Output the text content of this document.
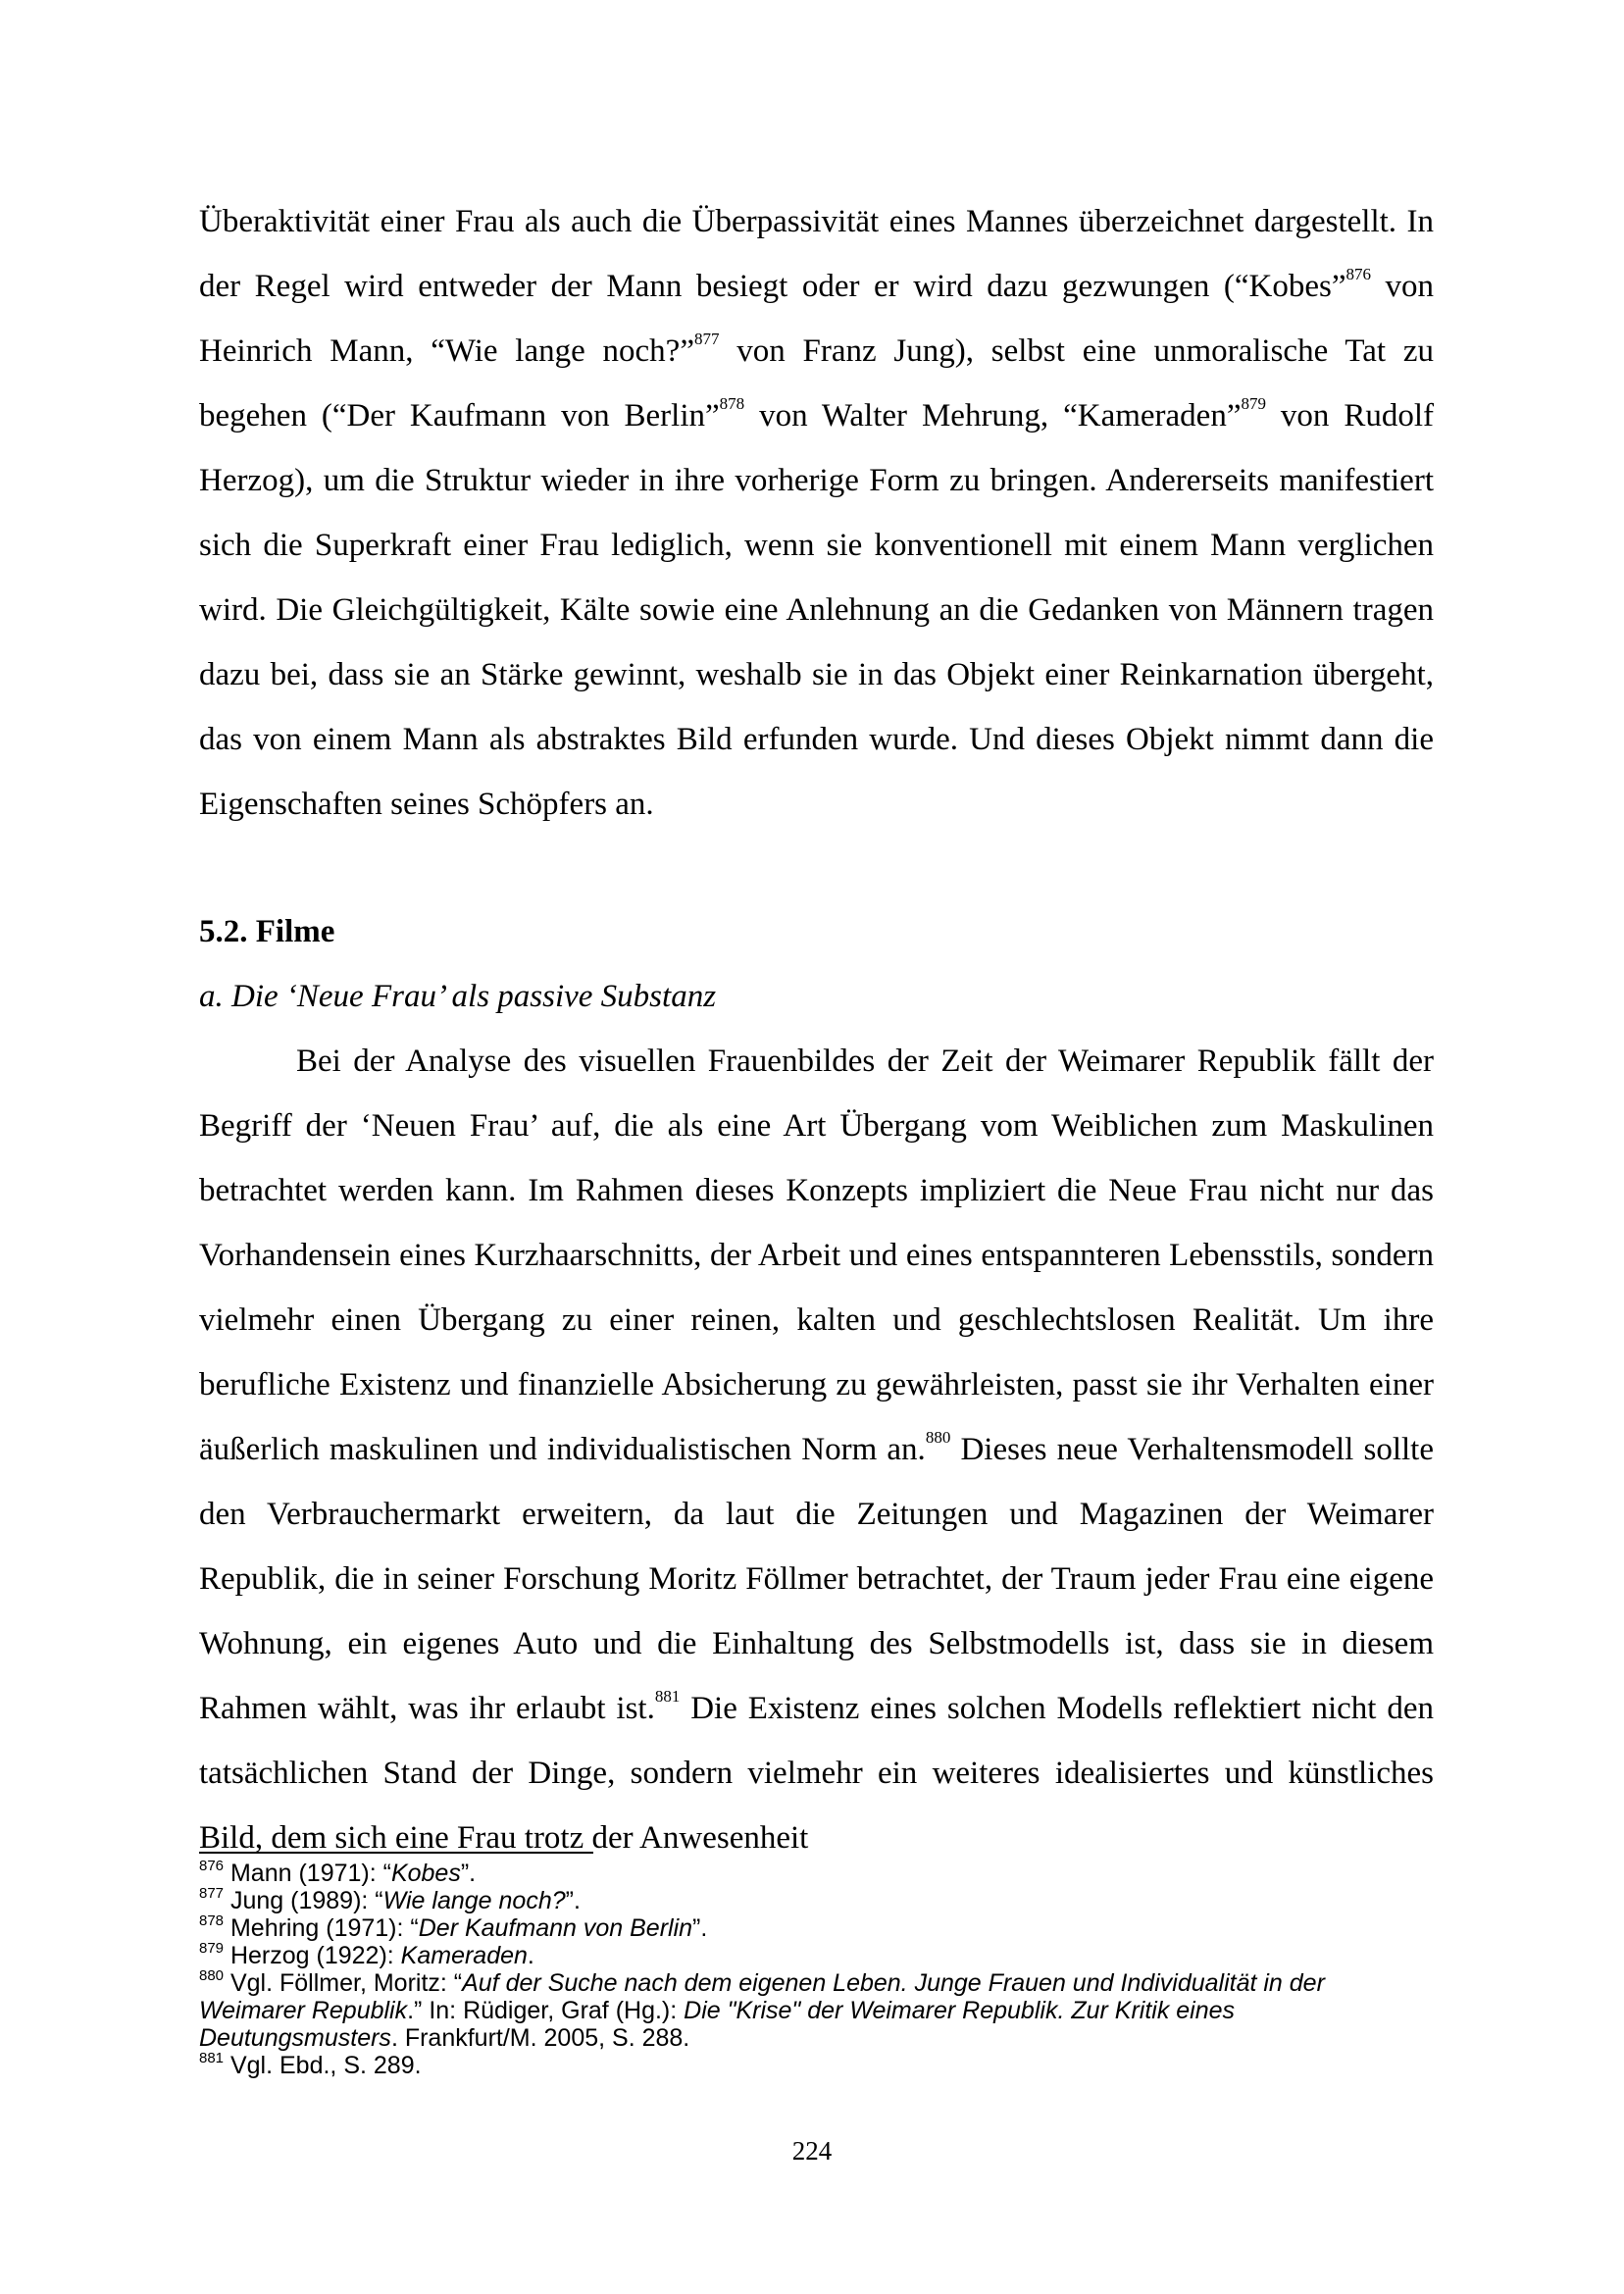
Überaktivität einer Frau als auch die Überpassivität eines Mannes überzeichnet dargestellt. In der Regel wird entweder der Mann besiegt oder er wird dazu gezwungen (“Kobes”$^{876}$ von Heinrich Mann, “Wie lange noch?”$^{877}$ von Franz Jung), selbst eine unmoralische Tat zu begehen (“Der Kaufmann von Berlin”$^{878}$ von Walter Mehrung, “Kameraden”$^{879}$ von Rudolf Herzog), um die Struktur wieder in ihre vorherige Form zu bringen. Andererseits manifestiert sich die Superkraft einer Frau lediglich, wenn sie konventionell mit einem Mann verglichen wird. Die Gleichgültigkeit, Kälte sowie eine Anlehnung an die Gedanken von Männern tragen dazu bei, dass sie an Stärke gewinnt, weshalb sie in das Objekt einer Reinkarnation übergeht, das von einem Mann als abstraktes Bild erfunden wurde. Und dieses Objekt nimmt dann die Eigenschaften seines Schöpfers an.

5.2. Filme
a. Die ‘Neue Frau’ als passive Substanz

Bei der Analyse des visuellen Frauenbildes der Zeit der Weimarer Republik fällt der Begriff der ‘Neuen Frau’ auf, die als eine Art Übergang vom Weiblichen zum Maskulinen betrachtet werden kann. Im Rahmen dieses Konzepts impliziert die Neue Frau nicht nur das Vorhandensein eines Kurzhaarschnitts, der Arbeit und eines entspannteren Lebensstils, sondern vielmehr einen Übergang zu einer reinen, kalten und geschlechtslosen Realität. Um ihre berufliche Existenz und finanzielle Absicherung zu gewährleisten, passt sie ihr Verhalten einer äußerlich maskulinen und individualistischen Norm an.$^{880}$ Dieses neue Verhaltensmodell sollte den Verbrauchermarkt erweitern, da laut die Zeitungen und Magazinen der Weimarer Republik, die in seiner Forschung Moritz Föllmer betrachtet, der Traum jeder Frau eine eigene Wohnung, ein eigenes Auto und die Einhaltung des Selbstmodells ist, dass sie in diesem Rahmen wählt, was ihr erlaubt ist.$^{881}$ Die Existenz eines solchen Modells reflektiert nicht den tatsächlichen Stand der Dinge, sondern vielmehr ein weiteres idealisiertes und künstliches Bild, dem sich eine Frau trotz der Anwesenheit

$^{876}$ Mann (1971): “Kobes”.
$^{877}$ Jung (1989): “Wie lange noch?”.
$^{878}$ Mehring (1971): “Der Kaufmann von Berlin”.
$^{879}$ Herzog (1922): Kameraden.
$^{880}$ Vgl. Föllmer, Moritz: “Auf der Suche nach dem eigenen Leben. Junge Frauen und Individualität in der Weimarer Republik.” In: Rüdiger, Graf (Hg.): Die "Krise" der Weimarer Republik. Zur Kritik eines Deutungsmusters. Frankfurt/M. 2005, S. 288.
$^{881}$ Vgl. Ebd., S. 289.
224
